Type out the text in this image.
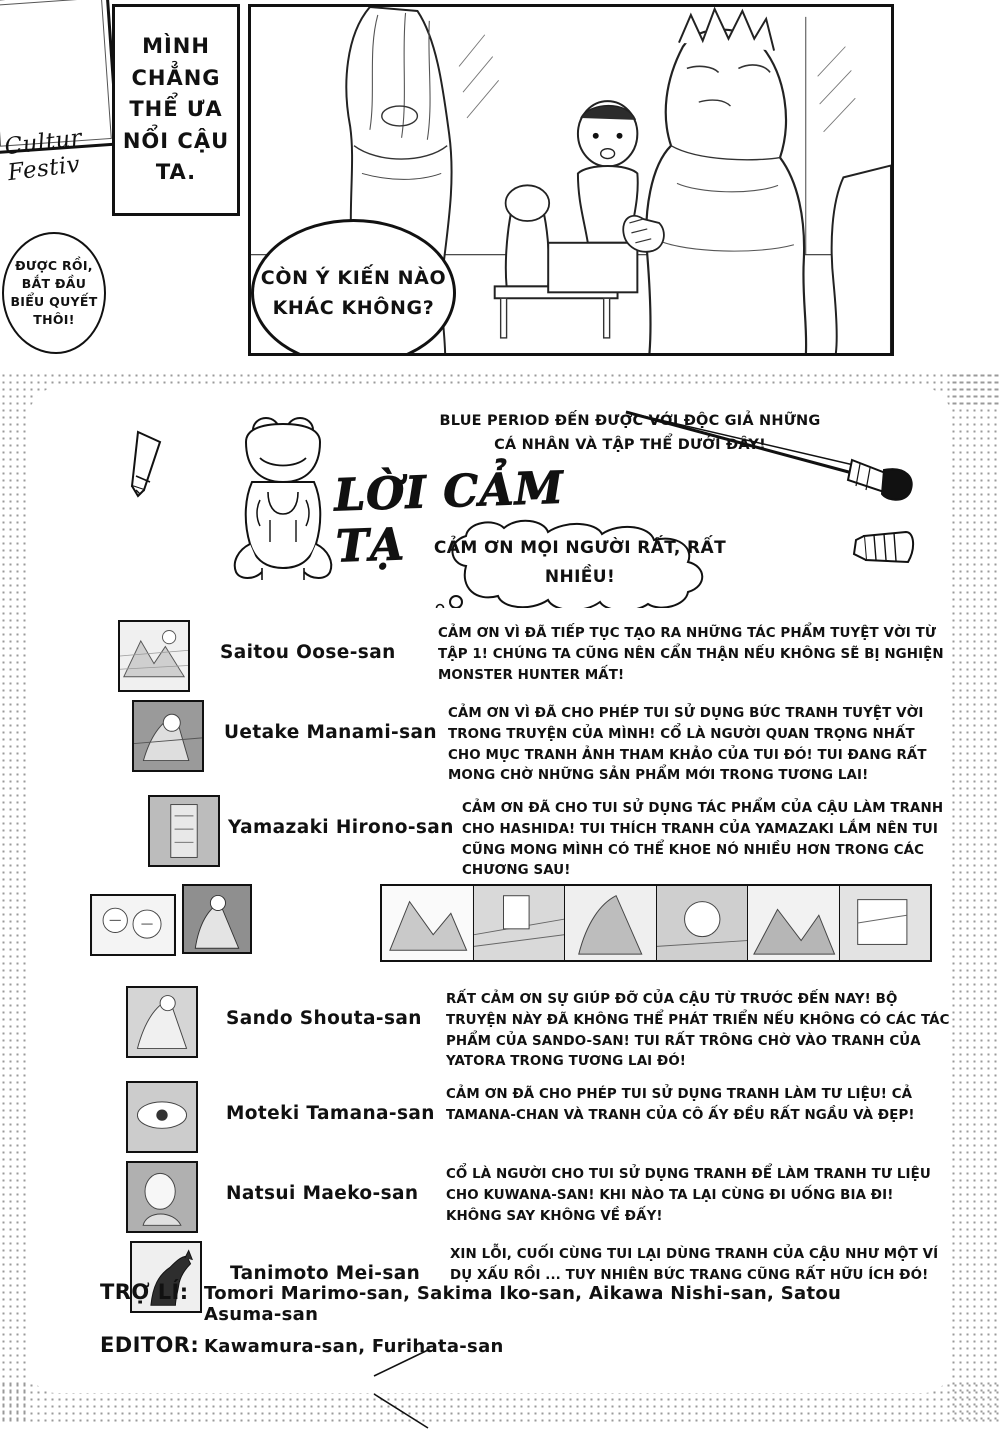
Cultur Festiv
ĐƯỢC RỒI, BẮT ĐẦU BIỂU QUYẾT THÔI!
MÌNH CHẲNG THỂ ƯA NỔI CẬU TA.
CÒN Ý KIẾN NÀO KHÁC KHÔNG?
BLUE PERIOD ĐẾN ĐƯỢC VỚI ĐỘC GIẢ NHỮNG CÁ NHÂN VÀ TẬP THỂ DƯỚI ĐÂY!
LỜI CẢM TẠ	CẢM ƠN MỌI NGƯỜI RẤT, RẤT NHIỀU!
Saitou Oose-san
CẢM ƠN VÌ ĐÃ TIẾP TỤC TẠO RA NHỮNG TÁC PHẨM TUYỆT VỜI TỪ TẬP 1! CHÚNG TA CŨNG NÊN CẨN THẬN NẾU KHÔNG SẼ BỊ NGHIỆN MONSTER HUNTER MẤT!
Uetake Manami-san
CẢM ƠN VÌ ĐÃ CHO PHÉP TUI SỬ DỤNG BỨC TRANH TUYỆT VỜI TRONG TRUYỆN CỦA MÌNH! CỔ LÀ NGƯỜI QUAN TRỌNG NHẤT CHO MỤC TRANH ẢNH THAM KHẢO CỦA TUI ĐÓ! TUI ĐANG RẤT MONG CHỜ NHỮNG SẢN PHẨM MỚI TRONG TƯƠNG LAI!
Yamazaki Hirono-san
CẢM ƠN ĐÃ CHO TUI SỬ DỤNG TÁC PHẨM CỦA CẬU LÀM TRANH CHO HASHIDA! TUI THÍCH TRANH CỦA YAMAZAKI LẮM NÊN TUI CŨNG MONG MÌNH CÓ THỂ KHOE NÓ NHIỀU HƠN TRONG CÁC CHƯƠNG SAU!
Sando Shouta-san
RẤT CẢM ƠN SỰ GIÚP ĐỠ CỦA CẬU TỪ TRƯỚC ĐẾN NAY! BỘ TRUYỆN NÀY ĐÃ KHÔNG THỂ PHÁT TRIỂN NẾU KHÔNG CÓ CÁC TÁC PHẨM CỦA SANDO-SAN! TUI RẤT TRÔNG CHỜ VÀO TRANH CỦA YATORA TRONG TƯƠNG LAI ĐÓ!
Moteki Tamana-san
CẢM ƠN ĐÃ CHO PHÉP TUI SỬ DỤNG TRANH LÀM TƯ LIỆU! CẢ TAMANA-CHAN VÀ TRANH CỦA CÔ ẤY ĐỀU RẤT NGẦU VÀ ĐẸP!
Natsui Maeko-san
CỔ LÀ NGƯỜI CHO TUI SỬ DỤNG TRANH ĐỂ LÀM TRANH TƯ LIỆU CHO KUWANA-SAN! KHI NÀO TA LẠI CÙNG ĐI UỐNG BIA ĐI! KHÔNG SAY KHÔNG VỀ ĐẤY!
Tanimoto Mei-san
XIN LỖI, CUỐI CÙNG TUI LẠI DÙNG TRANH CỦA CẬU NHƯ MỘT VÍ DỤ XẤU RỒI ... TUY NHIÊN BỨC TRANG CŨNG RẤT HỮU ÍCH ĐÓ!
TRỢ LÍ: Tomori Marimo-san, Sakima Iko-san, Aikawa Nishi-san, Satou Asuma-san
EDITOR: Kawamura-san, Furihata-san
